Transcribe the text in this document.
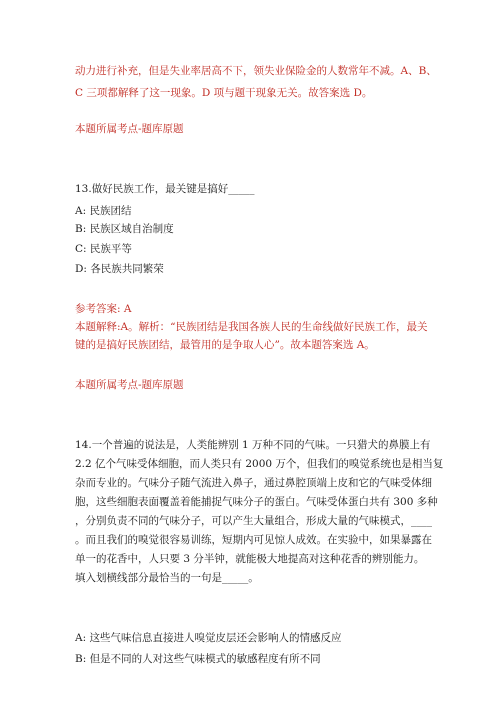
动力进行补充，但是失业率居高不下，领失业保险金的人数常年不减。A、B、
C 三项都解释了这一现象。D 项与题干现象无关。故答案选 D。
本题所属考点-题库原题

13.做好民族工作，最关键是搞好_____

A: 民族团结

B: 民族区域自治制度

C: 民族平等

D: 各民族共同繁荣

参考答案: A

本题解释:A。解析：“民族团结是我国各族人民的生命线做好民族工作，最关
键的是搞好民族团结，最管用的是争取人心”。故本题答案选 A。
本题所属考点-题库原题
14.一个普遍的说法是，人类能辨别 1 万种不同的气味。一只猎犬的鼻膜上有
2.2 亿个气味受体细胞，而人类只有 2000 万个，但我们的嗅觉系统也是相当复
杂而专业的。气味分子随气流进入鼻子，通过鼻腔顶端上皮和它的气味受体细
胞，这些细胞表面覆盖着能捕捉气味分子的蛋白。气味受体蛋白共有 300 多种
，分别负责不同的气味分子，可以产生大量组合，形成大量的气味模式，____
。而且我们的嗅觉很容易训练，短期内可见惊人成效。在实验中，如果暴露在
单一的花香中，人只要 3 分半钟，就能极大地提高对这种花香的辨别能力。
填入划横线部分最恰当的一句是_____。

A: 这些气味信息直接进人嗅觉皮层还会影响人的情感反应

B: 但是不同的人对这些气味模式的敏感程度有所不同
